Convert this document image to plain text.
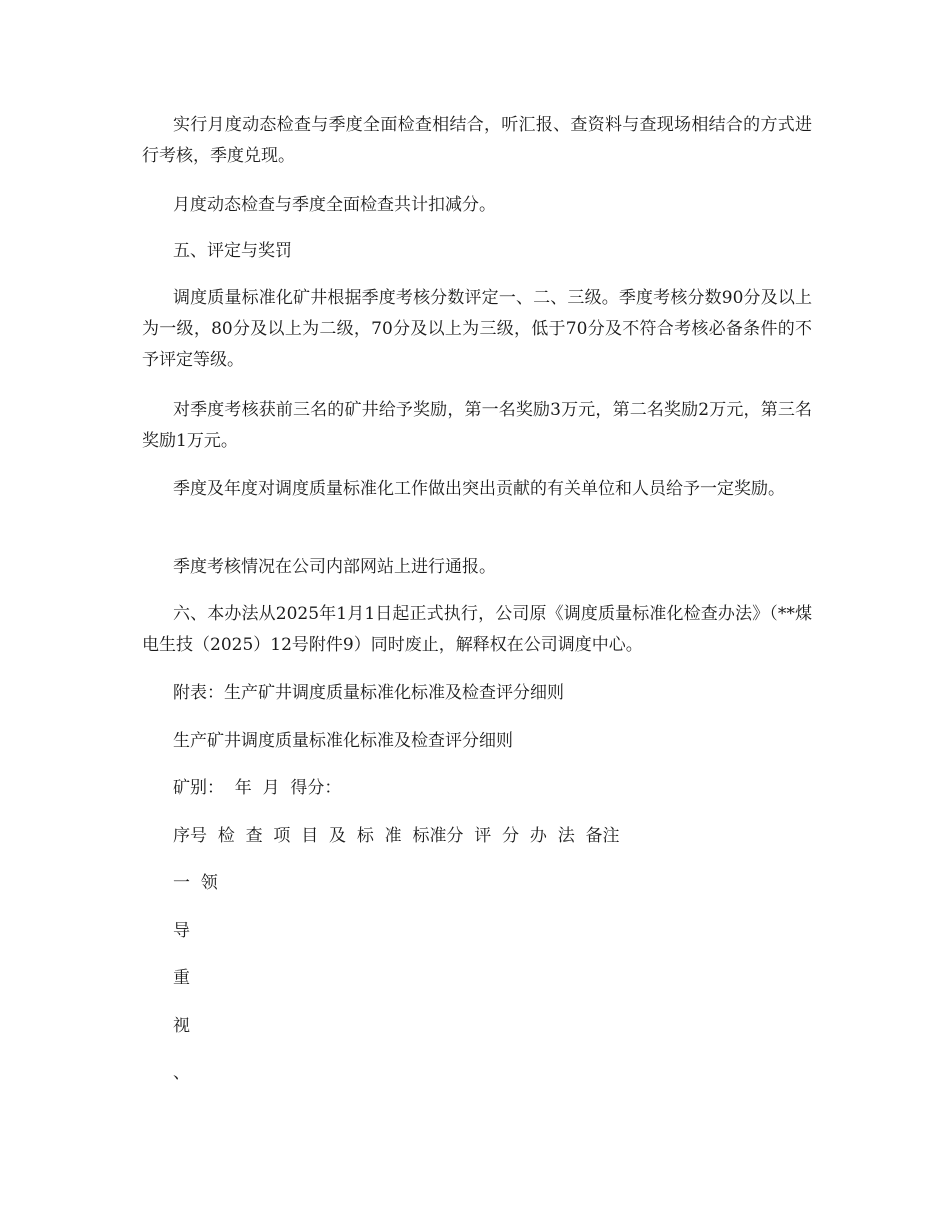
实行月度动态检查与季度全面检查相结合，听汇报、查资料与查现场相结合的方式进行考核，季度兑现。

月度动态检查与季度全面检查共计扣减分。

五、评定与奖罚

调度质量标准化矿井根据季度考核分数评定一、二、三级。季度考核分数90分及以上为一级，80分及以上为二级，70分及以上为三级，低于70分及不符合考核必备条件的不予评定等级。

对季度考核获前三名的矿井给予奖励，第一名奖励3万元，第二名奖励2万元，第三名奖励1万元。

季度及年度对调度质量标准化工作做出突出贡献的有关单位和人员给予一定奖励。

季度考核情况在公司内部网站上进行通报。

六、本办法从2025年1月1日起正式执行，公司原《调度质量标准化检查办法》（**煤电生技（2025）12号附件9）同时废止，解释权在公司调度中心。

附表：生产矿井调度质量标准化标准及检查评分细则

生产矿井调度质量标准化标准及检查评分细则

矿别：  年  月  得分：

序号  检  查  项  目  及  标  准  标准分  评  分  办  法  备注

一  领

导

重

视

、
